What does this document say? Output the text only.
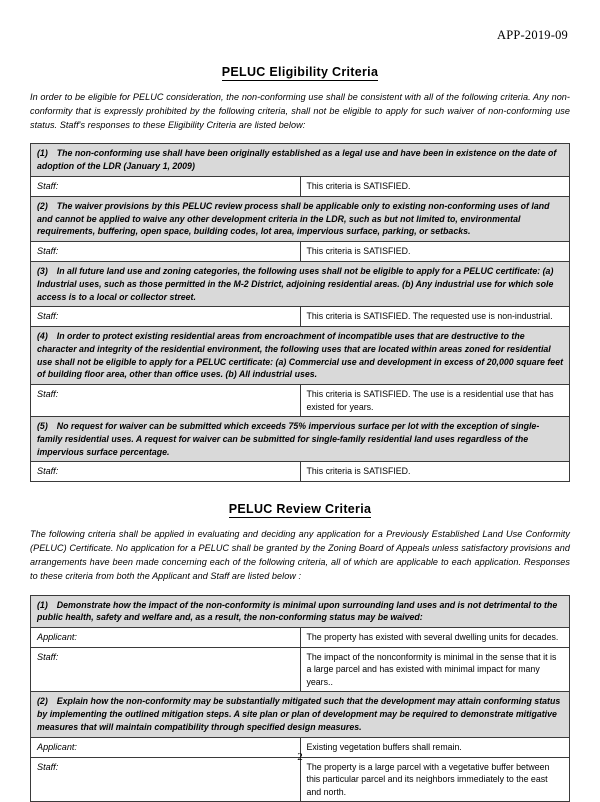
APP-2019-09
PELUC Eligibility Criteria
In order to be eligible for PELUC consideration, the non-conforming use shall be consistent with all of the following criteria. Any non-conformity that is expressly prohibited by the following criteria, shall not be eligible to apply for such waiver of non-conforming use status. Staff's responses to these Eligibility Criteria are listed below:
(1) The non-conforming use shall have been originally established as a legal use and have been in existence on the date of adoption of the LDR (January 1, 2009)	

Staff:	This criteria is SATISFIED.

(2) The waiver provisions by this PELUC review process shall be applicable only to existing non-conforming uses of land and cannot be applied to waive any other development criteria in the LDR, such as but not limited to, environmental requirements, buffering, open space, building codes, lot area, impervious surface, parking, or setbacks.	

Staff:	This criteria is SATISFIED.

(3) In all future land use and zoning categories, the following uses shall not be eligible to apply for a PELUC certificate: (a) Industrial uses, such as those permitted in the M-2 District, adjoining residential areas. (b) Any industrial use for which sole access is to a local or collector street.	

Staff:	This criteria is SATISFIED. The requested use is non-industrial.

(4) In order to protect existing residential areas from encroachment of incompatible uses that are destructive to the character and integrity of the residential environment, the following uses that are located within areas zoned for residential use shall not be eligible to apply for a PELUC certificate: (a) Commercial use and development in excess of 20,000 square feet of building floor area, other than office uses. (b) All industrial uses.	

Staff:	This criteria is SATISFIED. The use is a residential use that has existed for years.

(5) No request for waiver can be submitted which exceeds 75% impervious surface per lot with the exception of single-family residential uses. A request for waiver can be submitted for single-family residential land uses regardless of the impervious surface percentage.	

Staff:	This criteria is SATISFIED.
PELUC Review Criteria
The following criteria shall be applied in evaluating and deciding any application for a Previously Established Land Use Conformity (PELUC) Certificate. No application for a PELUC shall be granted by the Zoning Board of Appeals unless satisfactory provisions and arrangements have been made concerning each of the following criteria, all of which are applicable to each application. Responses to these criteria from both the Applicant and Staff are listed below :
(1) Demonstrate how the impact of the non-conformity is minimal upon surrounding land uses and is not detrimental to the public health, safety and welfare and, as a result, the non-conforming status may be waived:	

Applicant:	The property has existed with several dwelling units for decades.

Staff:	The impact of the nonconformity is minimal in the sense that it is a large parcel and has existed with minimal impact for many years..

(2) Explain how the non-conformity may be substantially mitigated such that the development may attain conforming status by implementing the outlined mitigation steps. A site plan or plan of development may be required to demonstrate mitigative measures that will maintain compatibility through specified design measures.	

Applicant:	Existing vegetation buffers shall remain.

Staff:	The property is a large parcel with a vegetative buffer between this particular parcel and its neighbors immediately to the east and north.
2
